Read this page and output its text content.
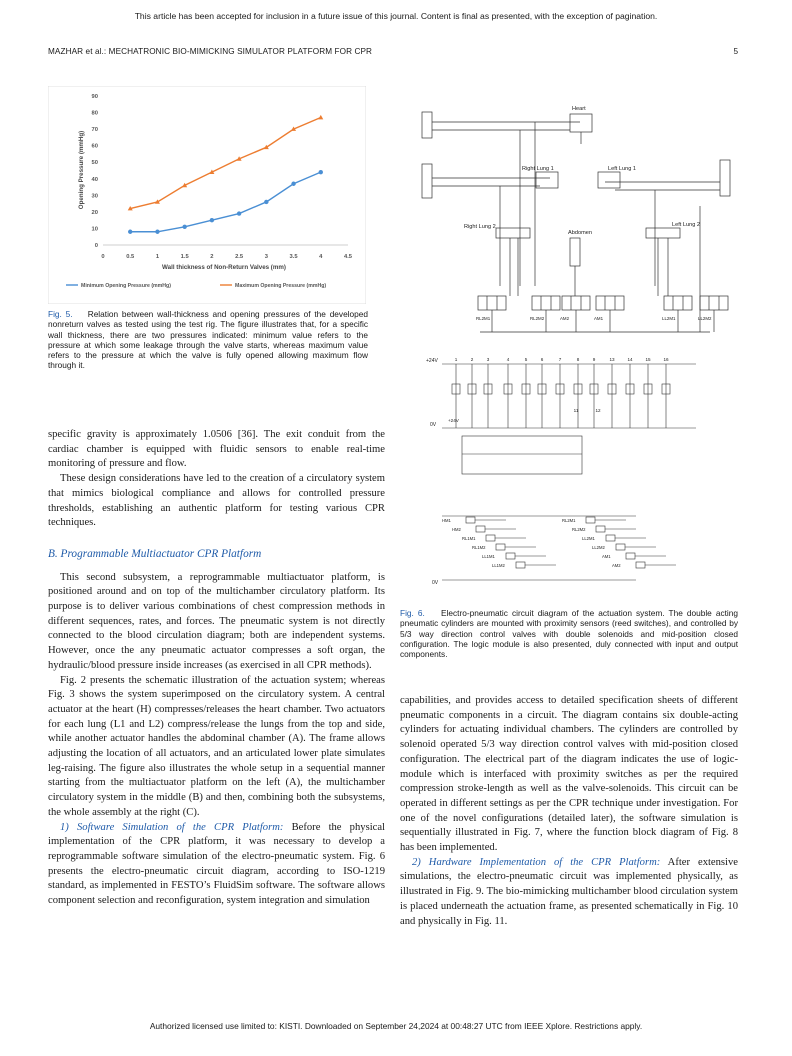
This article has been accepted for inclusion in a future issue of this journal. Content is final as presented, with the exception of pagination.
MAZHAR et al.: MECHATRONIC BIO-MIMICKING SIMULATOR PLATFORM FOR CPR	5
0
10
20
30
40
50
60
70
80
90
0	0.5	1	1.5	2	2.5	3	3.5	4	4.5
Wall thickness of Non-Return Valves (mm)
Opening Pressure (mmHg)
Minimum Opening Pressure (mmHg)	Maximum Opening Pressure (mmHg)
Fig. 5. Relation between wall-thickness and opening pressures of the developed nonreturn valves as tested using the test rig. The figure illustrates that, for a specific wall thickness, there are two pressures indicated: minimum value refers to the pressure at which some leakage through the valve starts, whereas maximum value refers to the pressure at which the valve is fully opened allowing maximum flow through it.
Heart
Right Lung 1	Left Lung 1
Right Lung 2	Left Lung 2
Abdomen
RL2M1	RL2M2	AM2	AM1	LL2M1	LL2M2
+24V
0V
+24V
0V
1	2	3	4	5	6	7	8	9	13	14	15	16
11	12
HM1
HM2
RL1M1
RL1M2
LL1M1
LL1M2
RL2M1
RL2M2
LL2M1
LL2M2
AM1
AM2
Fig. 6. Electro-pneumatic circuit diagram of the actuation system. The double acting pneumatic cylinders are mounted with proximity sensors (reed switches), and controlled by 5/3 way direction control valves with double solenoids and mid-position closed configuration. The logic module is also presented, duly connected with input and output components.

specific gravity is approximately 1.0506 [36]. The exit conduit from the cardiac chamber is equipped with fluidic sensors to enable real-time monitoring of pressure and flow.

These design considerations have led to the creation of a circulatory system that mimics biological compliance and allows for controlled pressure thresholds, establishing an authentic platform for testing various CPR techniques.

B. Programmable Multiactuator CPR Platform

This second subsystem, a reprogrammable multiactuator platform, is positioned around and on top of the multichamber circulatory platform. Its purpose is to deliver various combinations of chest compression methods in different sequences, rates, and forces. The pneumatic system is not directly connected to the blood circulation diagram; both are independent systems. However, once the any pneumatic actuator compresses a soft organ, the hydraulic/blood pressure inside increases (as exercised in all CPR methods).

Fig. 2 presents the schematic illustration of the actuation system; whereas Fig. 3 shows the system superimposed on the circulatory system. A central actuator at the heart (H) compresses/releases the heart chamber. Two actuators for each lung (L1 and L2) compress/release the lungs from the top and side, while another actuator handles the abdominal chamber (A). The frame allows adjusting the location of all actuators, and an articulated lower plate simulates leg-raising. The figure also illustrates the whole setup in a sequential manner starting from the multiactuator platform on the left (A), the multichamber circulatory system in the middle (B) and then, combining both the subsystems, the whole assembly at the right (C).

1) Software Simulation of the CPR Platform: Before the physical implementation of the CPR platform, it was necessary to develop a reprogrammable software simulation of the electro-pneumatic system. Fig. 6 presents the electro-pneumatic circuit diagram, according to ISO-1219 standard, as implemented in FESTO’s FluidSim software. The software allows component selection and reconfiguration, system integration and simulation

capabilities, and provides access to detailed specification sheets of different pneumatic components in a circuit. The diagram contains six double-acting cylinders for actuating individual chambers. The cylinders are controlled by solenoid operated 5/3 way direction control valves with mid-position closed configuration. The electrical part of the diagram indicates the use of logic-module which is interfaced with proximity switches as per the required compression stroke-length as well as the valve-solenoids. This circuit can be operated in different settings as per the CPR technique under investigation. For one of the novel configurations (detailed later), the software simulation is sequentially illustrated in Fig. 7, where the function block diagram of Fig. 8 has been implemented.

2) Hardware Implementation of the CPR Platform: After extensive simulations, the electro-pneumatic circuit was implemented physically, as illustrated in Fig. 9. The bio-mimicking multichamber blood circulation system is placed underneath the actuation frame, as presented schematically in Fig. 10 and physically in Fig. 11.

Authorized licensed use limited to: KISTI. Downloaded on September 24,2024 at 00:48:27 UTC from IEEE Xplore. Restrictions apply.
